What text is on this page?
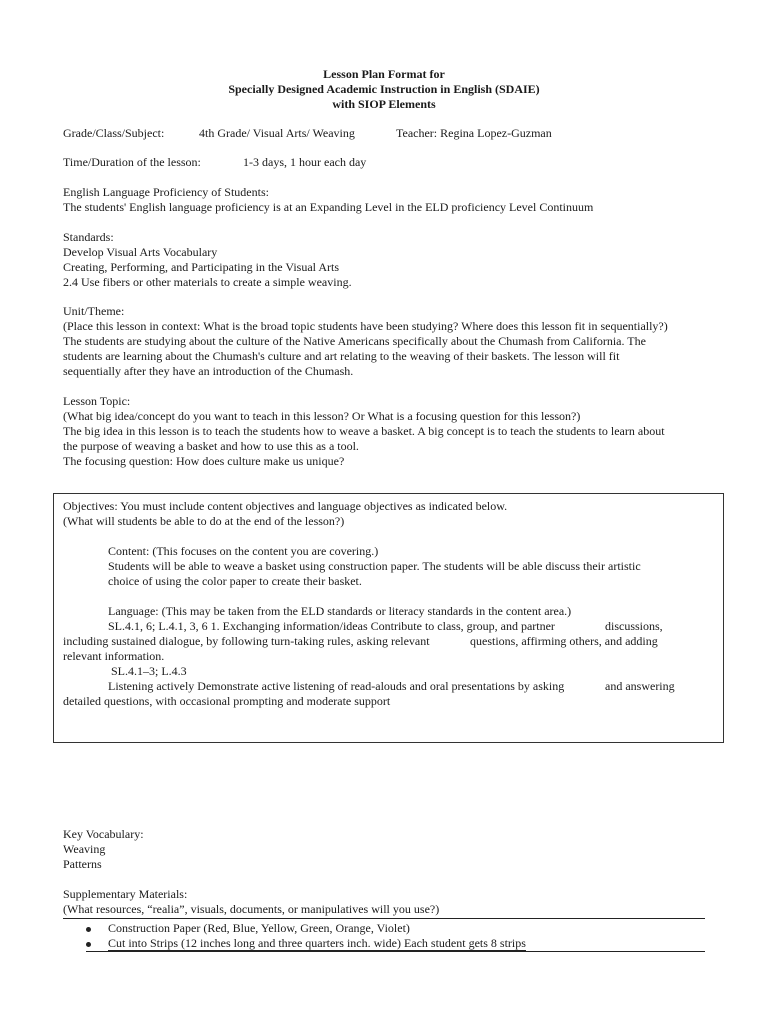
Lesson Plan Format for
Specially Designed Academic Instruction in English (SDAIE)
with SIOP Elements
Grade/Class/Subject:	4th Grade/ Visual Arts/ Weaving	Teacher: Regina Lopez-Guzman
Time/Duration of the lesson:	1-3 days, 1 hour each day
English Language Proficiency of Students:
The students' English language proficiency is at an Expanding Level in the ELD proficiency Level Continuum
Standards:
Develop Visual Arts Vocabulary
Creating, Performing, and Participating in the Visual Arts
2.4 Use fibers or other materials to create a simple weaving.
Unit/Theme:
(Place this lesson in context: What is the broad topic students have been studying? Where does this lesson fit in sequentially?)
The students are studying about the culture of the Native Americans specifically about the Chumash from California. The
students are learning about the Chumash's culture and art relating to the weaving of their baskets. The lesson will fit
sequentially after they have an introduction of the Chumash.
Lesson Topic:
(What big idea/concept do you want to teach in this lesson? Or What is a focusing question for this lesson?)
The big idea in this lesson is to teach the students how to weave a basket. A big concept is to teach the students to learn about
the purpose of weaving a basket and how to use this as a tool.
The focusing question: How does culture make us unique?
Objectives: You must include content objectives and language objectives as indicated below.
(What will students be able to do at the end of the lesson?)
Content: (This focuses on the content you are covering.)
Students will be able to weave a basket using construction paper. The students will be able discuss their artistic
choice of using the color paper to create their basket.
Language: (This may be taken from the ELD standards or literacy standards in the content area.)
SL.4.1, 6; L.4.1, 3, 6 1. Exchanging information/ideas Contribute to class, group, and partner	discussions,
including sustained dialogue, by following turn-taking rules, asking relevant	questions, affirming others, and adding
relevant information.
SL.4.1–3; L.4.3
Listening actively Demonstrate active listening of read-alouds and oral presentations by asking	and answering
detailed questions, with occasional prompting and moderate support
Key Vocabulary:
Weaving
Patterns
Supplementary Materials:
(What resources, “realia”, visuals, documents, or manipulatives will you use?)
Construction Paper (Red, Blue, Yellow, Green, Orange, Violet)
Cut into Strips (12 inches long and three quarters inch. wide) Each student gets 8 strips
